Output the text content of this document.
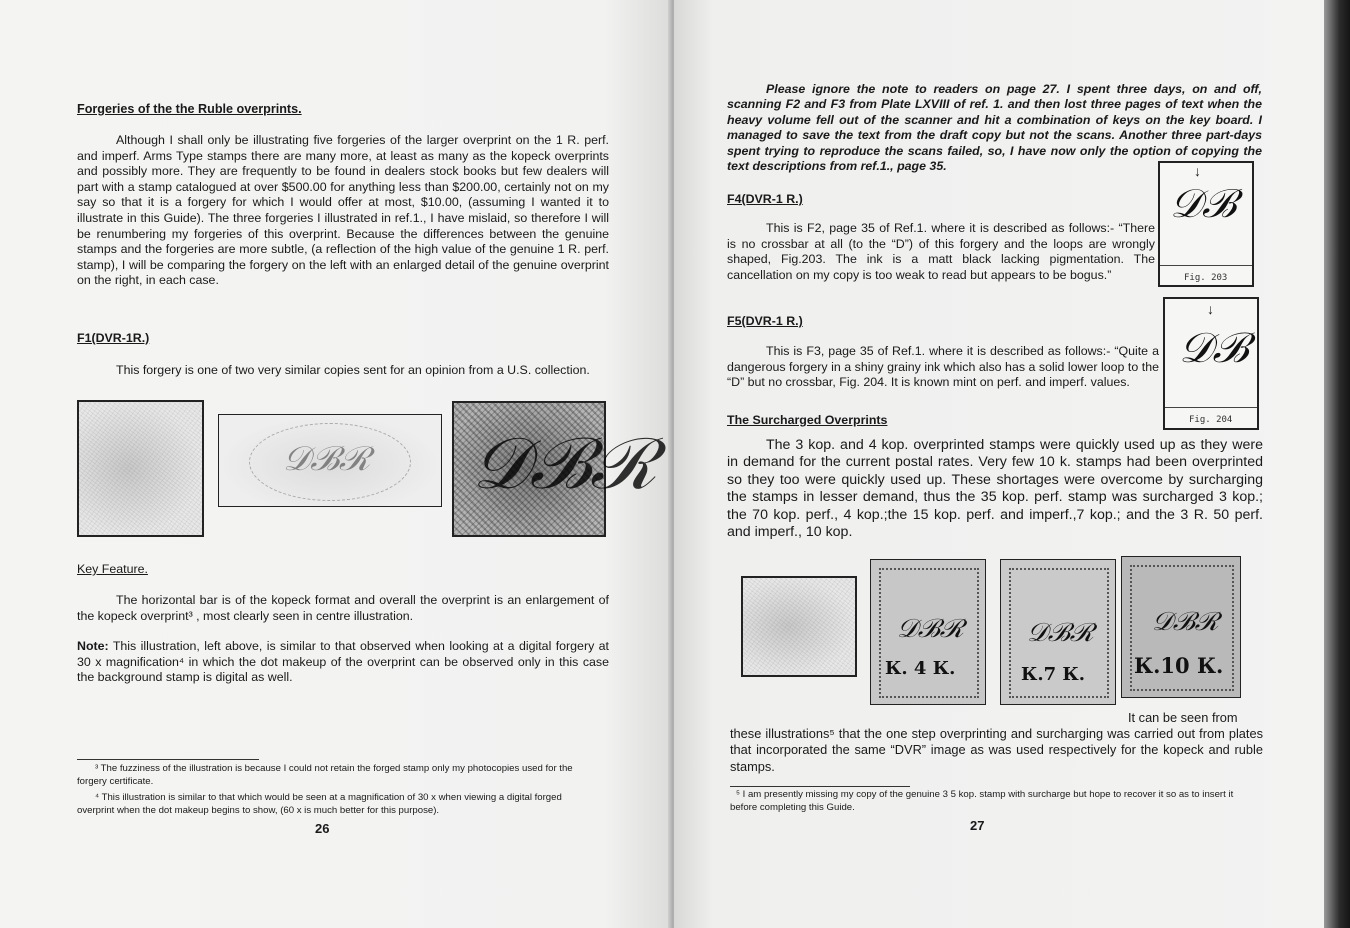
Forgeries of the the Ruble overprints.
Although I shall only be illustrating five forgeries of the larger overprint on the 1 R. perf. and imperf. Arms Type stamps there are many more, at least as many as the kopeck overprints and possibly more. They are frequently to be found in dealers stock books but few dealers will part with a stamp catalogued at over $500.00 for anything less than $200.00, certainly not on my say so that it is a forgery for which I would offer at most, $10.00, (assuming I wanted it to illustrate in this Guide). The three forgeries I illustrated in ref.1., I have mislaid, so therefore I will be renumbering my forgeries of this overprint. Because the differences between the genuine stamps and the forgeries are more subtle, (a reflection of the high value of the genuine 1 R. perf. stamp), I will be comparing the forgery on the left with an enlarged detail of the genuine overprint on the right, in each case.
F1(DVR-1R.)
This forgery is one of two very similar copies sent for an opinion from a U.S. collection.
𝒟ℬℛ 𝒟ℬℛ
Key Feature.
The horizontal bar is of the kopeck format and overall the overprint is an enlargement of the kopeck overprint³ , most clearly seen in centre illustration.
Note: This illustration, left above, is similar to that observed when looking at a digital forgery at 30 x magnification⁴ in which the dot makeup of the overprint can be observed only in this case the background stamp is digital as well.
³ The fuzziness of the illustration is because I could not retain the forged stamp only my photocopies used for the forgery certificate.
⁴ This illustration is similar to that which would be seen at a magnification of 30 x when viewing a digital forged overprint when the dot makeup begins to show, (60 x is much better for this purpose).
26
Please ignore the note to readers on page 27. I spent three days, on and off, scanning F2 and F3 from Plate LXVIII of ref. 1. and then lost three pages of text when the heavy volume fell out of the scanner and hit a combination of keys on the key board. I managed to save the text from the draft copy but not the scans. Another three part-days spent trying to reproduce the scans failed, so, I have now only the option of copying the text descriptions from ref.1., page 35.	↓
𝒟ℬ
Fig. 203
F4(DVR-1 R.)
This is F2, page 35 of Ref.1. where it is described as follows:- “There is no crossbar at all (to the “D”) of this forgery and the loops are wrongly shaped, Fig.203. The ink is a matt black lacking pigmentation. The cancellation on my copy is too weak to read but appears to be bogus.”
↓
𝒟ℬ
Fig. 204
F5(DVR-1 R.)
This is F3, page 35 of Ref.1. where it is described as follows:- “Quite a dangerous forgery in a shiny grainy ink which also has a solid lower loop to the “D” but no crossbar, Fig. 204. It is known mint on perf. and imperf. values.
The Surcharged Overprints
The 3 kop. and 4 kop. overprinted stamps were quickly used up as they were in demand for the current postal rates. Very few 10 k. stamps had been overprinted so they too were quickly used up. These shortages were overcome by surcharging the stamps in lesser demand, thus the 35 kop. perf. stamp was surcharged 3 kop.; the 70 kop. perf., 4 kop.;the 15 kop. perf. and imperf.,7 kop.; and the 3 R. 50 perf. and imperf., 10 kop.
𝒟ℬℛ
К. 4 К.
𝒟ℬℛ
К.7 К.
𝒟ℬℛ
К.10 К.
It can be seen from
these illustrations⁵ that the one step overprinting and surcharging was carried out from plates that incorporated the same “DVR” image as was used respectively for the kopeck and ruble stamps.
⁵ I am presently missing my copy of the genuine 3 5 kop. stamp with surcharge but hope to recover it so as to insert it before completing this Guide.
27
